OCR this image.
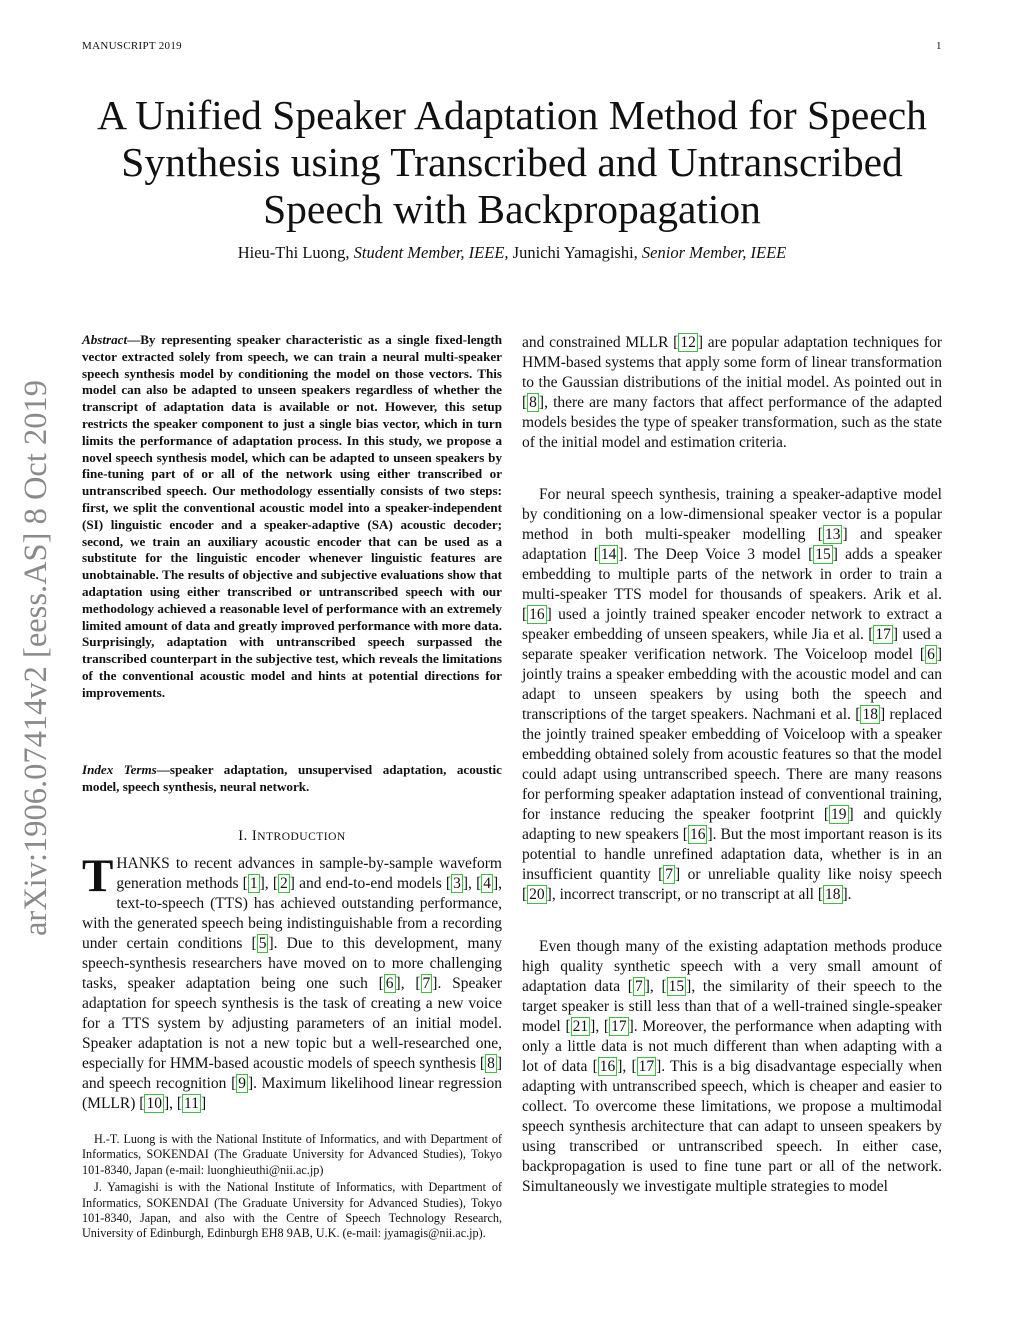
MANUSCRIPT 2019	1
A Unified Speaker Adaptation Method for Speech Synthesis using Transcribed and Untranscribed Speech with Backpropagation
Hieu-Thi Luong, Student Member, IEEE, Junichi Yamagishi, Senior Member, IEEE
arXiv:1906.07414v2 [eess.AS] 8 Oct 2019
Abstract—By representing speaker characteristic as a single fixed-length vector extracted solely from speech, we can train a neural multi-speaker speech synthesis model by conditioning the model on those vectors. This model can also be adapted to unseen speakers regardless of whether the transcript of adaptation data is available or not. However, this setup restricts the speaker component to just a single bias vector, which in turn limits the performance of adaptation process. In this study, we propose a novel speech synthesis model, which can be adapted to unseen speakers by fine-tuning part of or all of the network using either transcribed or untranscribed speech. Our methodology essentially consists of two steps: first, we split the conventional acoustic model into a speaker-independent (SI) linguistic encoder and a speaker-adaptive (SA) acoustic decoder; second, we train an auxiliary acoustic encoder that can be used as a substitute for the linguistic encoder whenever linguistic features are unobtainable. The results of objective and subjective evaluations show that adaptation using either transcribed or untranscribed speech with our methodology achieved a reasonable level of performance with an extremely limited amount of data and greatly improved performance with more data. Surprisingly, adaptation with untranscribed speech surpassed the transcribed counterpart in the subjective test, which reveals the limitations of the conventional acoustic model and hints at potential directions for improvements.
Index Terms—speaker adaptation, unsupervised adaptation, acoustic model, speech synthesis, neural network.
I. INTRODUCTION
THANKS to recent advances in sample-by-sample waveform generation methods [ 1 ], [ 2 ] and end-to-end models [ 3 ], [ 4 ], text-to-speech (TTS) has achieved outstanding performance, with the generated speech being indistinguishable from a recording under certain conditions [ 5 ]. Due to this development, many speech-synthesis researchers have moved on to more challenging tasks, speaker adaptation being one such [ 6 ], [ 7 ]. Speaker adaptation for speech synthesis is the task of creating a new voice for a TTS system by adjusting parameters of an initial model. Speaker adaptation is not a new topic but a well-researched one, especially for HMM-based acoustic models of speech synthesis [ 8 ] and speech recognition [ 9 ]. Maximum likelihood linear regression (MLLR) [ 10 ], [ 11 ]

H.-T. Luong is with the National Institute of Informatics, and with Department of Informatics, SOKENDAI (The Graduate University for Advanced Studies), Tokyo 101-8340, Japan (e-mail: luonghieuthi@nii.ac.jp)

J. Yamagishi is with the National Institute of Informatics, with Department of Informatics, SOKENDAI (The Graduate University for Advanced Studies), Tokyo 101-8340, Japan, and also with the Centre of Speech Technology Research, University of Edinburgh, Edinburgh EH8 9AB, U.K. (e-mail: jyamagis@nii.ac.jp).

and constrained MLLR [ 12 ] are popular adaptation techniques for HMM-based systems that apply some form of linear transformation to the Gaussian distributions of the initial model. As pointed out in [ 8 ], there are many factors that affect performance of the adapted models besides the type of speaker transformation, such as the state of the initial model and estimation criteria.

For neural speech synthesis, training a speaker-adaptive model by conditioning on a low-dimensional speaker vector is a popular method in both multi-speaker modelling [ 13 ] and speaker adaptation [ 14 ]. The Deep Voice 3 model [ 15 ] adds a speaker embedding to multiple parts of the network in order to train a multi-speaker TTS model for thousands of speakers. Arik et al. [ 16 ] used a jointly trained speaker encoder network to extract a speaker embedding of unseen speakers, while Jia et al. [ 17 ] used a separate speaker verification network. The Voiceloop model [ 6 ] jointly trains a speaker embedding with the acoustic model and can adapt to unseen speakers by using both the speech and transcriptions of the target speakers. Nachmani et al. [ 18 ] replaced the jointly trained speaker embedding of Voiceloop with a speaker embedding obtained solely from acoustic features so that the model could adapt using untranscribed speech. There are many reasons for performing speaker adaptation instead of conventional training, for instance reducing the speaker footprint [ 19 ] and quickly adapting to new speakers [ 16 ]. But the most important reason is its potential to handle unrefined adaptation data, whether is in an insufficient quantity [ 7 ] or unreliable quality like noisy speech [ 20 ], incorrect transcript, or no transcript at all [ 18 ].

Even though many of the existing adaptation methods produce high quality synthetic speech with a very small amount of adaptation data [ 7 ], [ 15 ], the similarity of their speech to the target speaker is still less than that of a well-trained single-speaker model [ 21 ], [ 17 ]. Moreover, the performance when adapting with only a little data is not much different than when adapting with a lot of data [ 16 ], [ 17 ]. This is a big disadvantage especially when adapting with untranscribed speech, which is cheaper and easier to collect. To overcome these limitations, we propose a multimodal speech synthesis architecture that can adapt to unseen speakers by using transcribed or untranscribed speech. In either case, backpropagation is used to fine tune part or all of the network. Simultaneously we investigate multiple strategies to model
